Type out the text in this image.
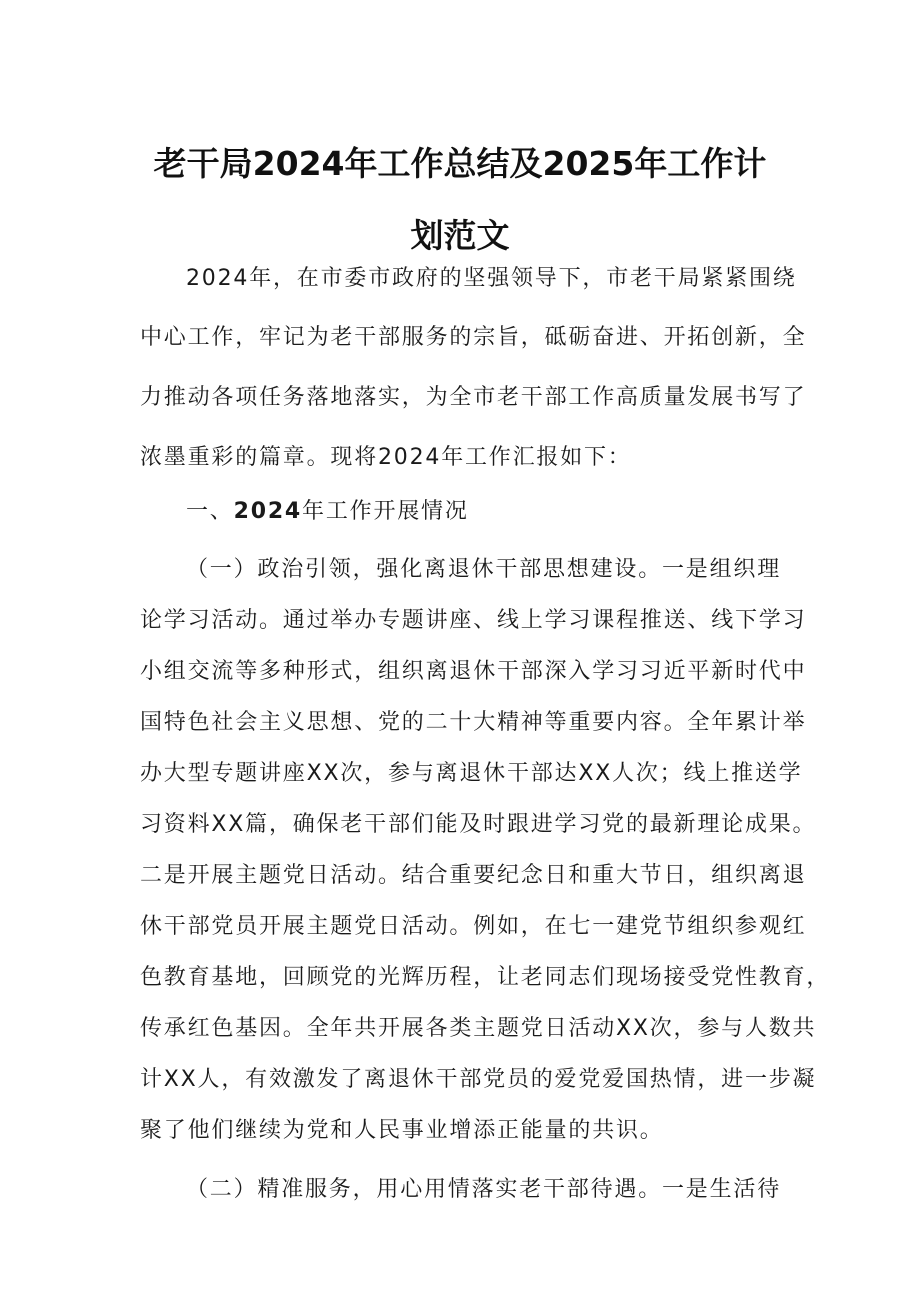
老干局2024年工作总结及2025年工作计
划范文
2024年，在市委市政府的坚强领导下，市老干局紧紧围绕
中心工作，牢记为老干部服务的宗旨，砥砺奋进、开拓创新，全
力推动各项任务落地落实，为全市老干部工作高质量发展书写了
浓墨重彩的篇章。现将2024年工作汇报如下：
一、2024年工作开展情况
（一）政治引领，强化离退休干部思想建设。一是组织理
论学习活动。通过举办专题讲座、线上学习课程推送、线下学习
小组交流等多种形式，组织离退休干部深入学习习近平新时代中
国特色社会主义思想、党的二十大精神等重要内容。全年累计举
办大型专题讲座XX次，参与离退休干部达XX人次；线上推送学
习资料XX篇，确保老干部们能及时跟进学习党的最新理论成果。
二是开展主题党日活动。结合重要纪念日和重大节日，组织离退
休干部党员开展主题党日活动。例如，在七一建党节组织参观红
色教育基地，回顾党的光辉历程，让老同志们现场接受党性教育，
传承红色基因。全年共开展各类主题党日活动XX次，参与人数共
计XX人，有效激发了离退休干部党员的爱党爱国热情，进一步凝
聚了他们继续为党和人民事业增添正能量的共识。
（二）精准服务，用心用情落实老干部待遇。一是生活待
